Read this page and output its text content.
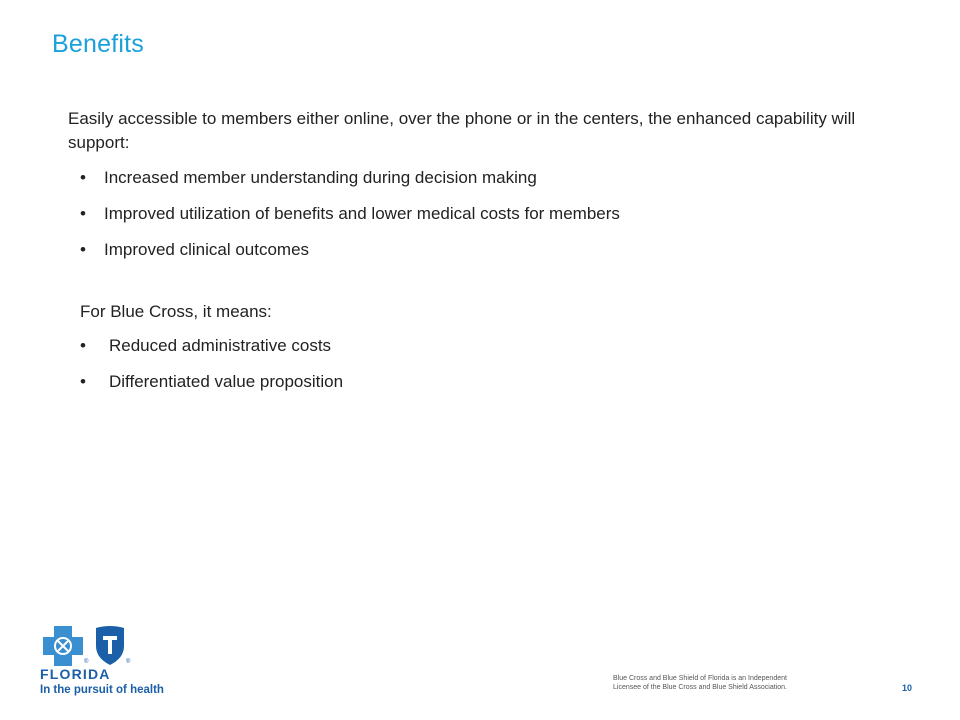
Benefits
Easily accessible to members either online, over the phone or in the centers, the enhanced capability will support:
• Increased member understanding during decision making
• Improved utilization of benefits and lower medical costs for members
• Improved clinical outcomes
For Blue Cross, it means:
• Reduced administrative costs
• Differentiated value proposition
®	®
FLORIDA
In the pursuit of health
Blue Cross and Blue Shield of Florida is an Independent
Licensee of the Blue Cross and Blue Shield Association.	10
